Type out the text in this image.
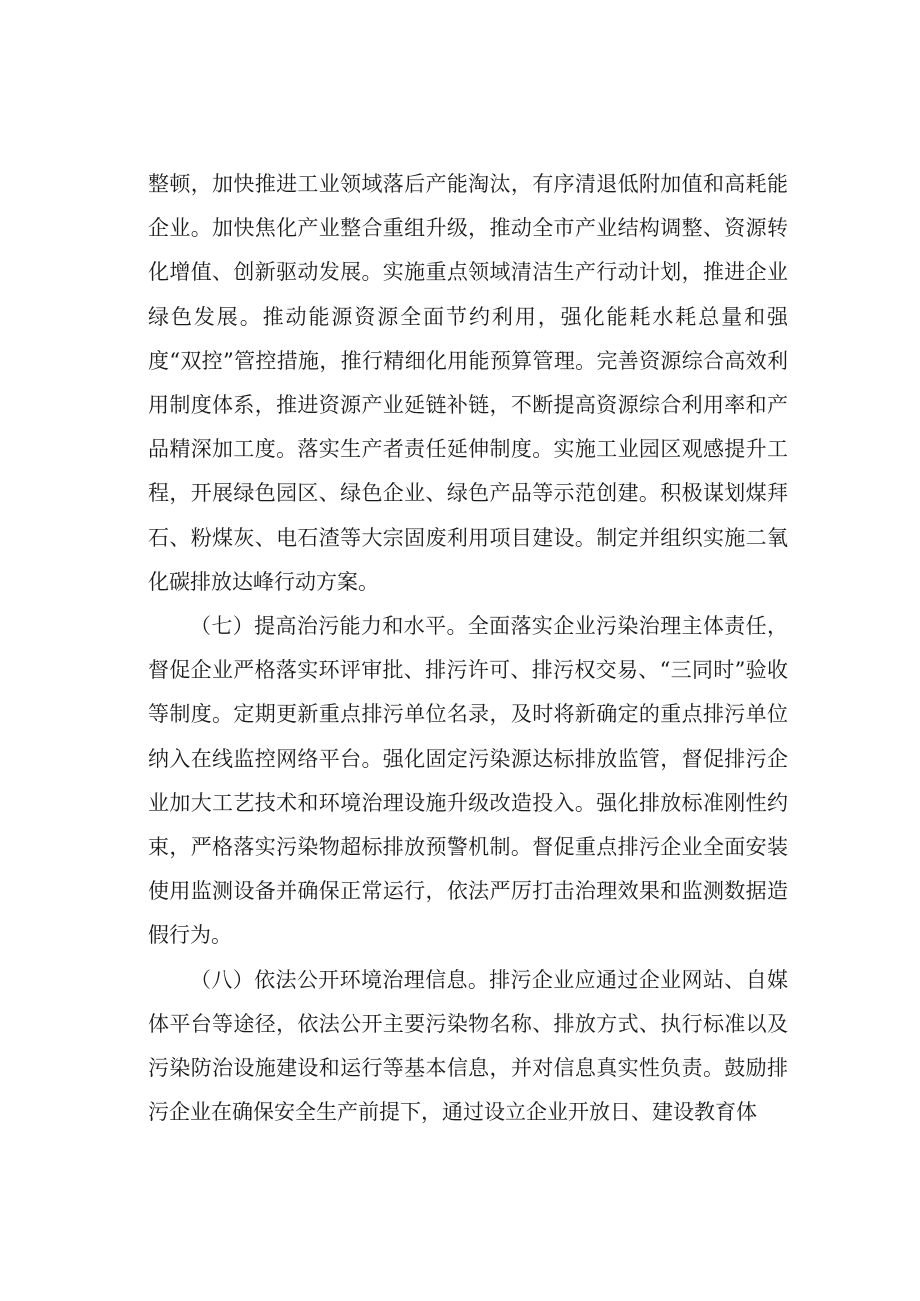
整顿，加快推进工业领域落后产能淘汰，有序清退低附加值和高耗能企业。加快焦化产业整合重组升级，推动全市产业结构调整、资源转化增值、创新驱动发展。实施重点领域清洁生产行动计划，推进企业绿色发展。推动能源资源全面节约利用，强化能耗水耗总量和强度“双控”管控措施，推行精细化用能预算管理。完善资源综合高效利用制度体系，推进资源产业延链补链，不断提高资源综合利用率和产品精深加工度。落实生产者责任延伸制度。实施工业园区观感提升工程，开展绿色园区、绿色企业、绿色产品等示范创建。积极谋划煤拜石、粉煤灰、电石渣等大宗固废利用项目建设。制定并组织实施二氧化碳排放达峰行动方案。

（七）提高治污能力和水平。全面落实企业污染治理主体责任，督促企业严格落实环评审批、排污许可、排污权交易、“三同时”验收等制度。定期更新重点排污单位名录，及时将新确定的重点排污单位纳入在线监控网络平台。强化固定污染源达标排放监管，督促排污企业加大工艺技术和环境治理设施升级改造投入。强化排放标准刚性约束，严格落实污染物超标排放预警机制。督促重点排污企业全面安装使用监测设备并确保正常运行，依法严厉打击治理效果和监测数据造假行为。

（八）依法公开环境治理信息。排污企业应通过企业网站、自媒体平台等途径，依法公开主要污染物名称、排放方式、执行标准以及污染防治设施建设和运行等基本信息，并对信息真实性负责。鼓励排污企业在确保安全生产前提下，通过设立企业开放日、建设教育体
